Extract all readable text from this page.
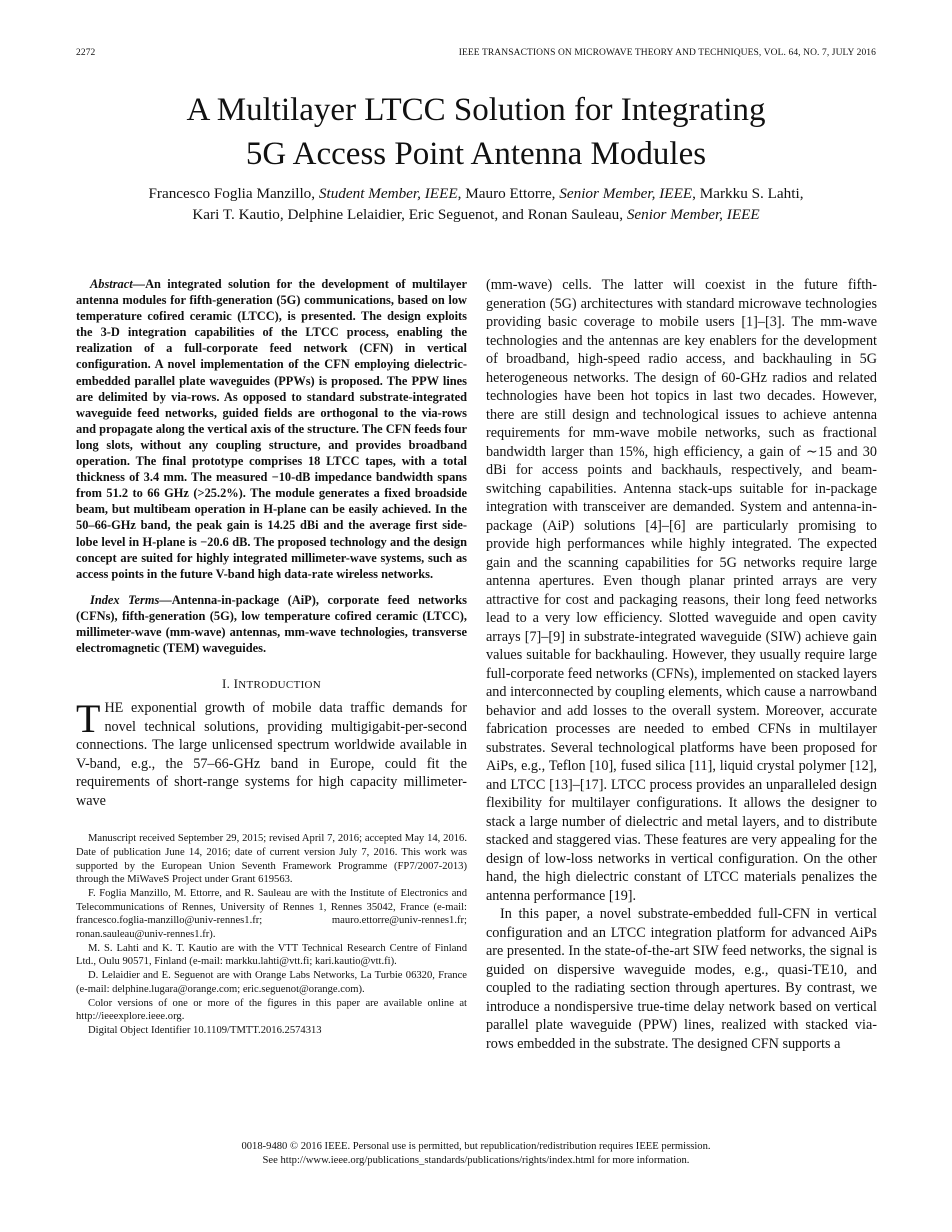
2272	IEEE TRANSACTIONS ON MICROWAVE THEORY AND TECHNIQUES, VOL. 64, NO. 7, JULY 2016
A Multilayer LTCC Solution for Integrating
5G Access Point Antenna Modules
Francesco Foglia Manzillo, Student Member, IEEE, Mauro Ettorre, Senior Member, IEEE, Markku S. Lahti,
Kari T. Kautio, Delphine Lelaidier, Eric Seguenot, and Ronan Sauleau, Senior Member, IEEE

Abstract—An integrated solution for the development of multilayer antenna modules for fifth-generation (5G) communications, based on low temperature cofired ceramic (LTCC), is presented. The design exploits the 3-D integration capabilities of the LTCC process, enabling the realization of a full-corporate feed network (CFN) in vertical configuration. A novel implementation of the CFN employing dielectric-embedded parallel plate waveguides (PPWs) is proposed. The PPW lines are delimited by via-rows. As opposed to standard substrate-integrated waveguide feed networks, guided fields are orthogonal to the via-rows and propagate along the vertical axis of the structure. The CFN feeds four long slots, without any coupling structure, and provides broadband operation. The final prototype comprises 18 LTCC tapes, with a total thickness of 3.4 mm. The measured −10-dB impedance bandwidth spans from 51.2 to 66 GHz (>25.2%). The module generates a fixed broadside beam, but multibeam operation in H-plane can be easily achieved. In the 50–66-GHz band, the peak gain is 14.25 dBi and the average first side-lobe level in H-plane is −20.6 dB. The proposed technology and the design concept are suited for highly integrated millimeter-wave systems, such as access points in the future V-band high data-rate wireless networks.

Index Terms—Antenna-in-package (AiP), corporate feed networks (CFNs), fifth-generation (5G), low temperature cofired ceramic (LTCC), millimeter-wave (mm-wave) antennas, mm-wave technologies, transverse electromagnetic (TEM) waveguides.

I. INTRODUCTION

THE exponential growth of mobile data traffic demands for novel technical solutions, providing multigigabit-per-second connections. The large unlicensed spectrum worldwide available in V-band, e.g., the 57–66-GHz band in Europe, could fit the requirements of short-range systems for high capacity millimeter-wave

Manuscript received September 29, 2015; revised April 7, 2016; accepted May 14, 2016. Date of publication June 14, 2016; date of current version July 7, 2016. This work was supported by the European Union Seventh Framework Programme (FP7/2007-2013) through the MiWaveS Project under Grant 619563.

F. Foglia Manzillo, M. Ettorre, and R. Sauleau are with the Institute of Electronics and Telecommunications of Rennes, University of Rennes 1, Rennes 35042, France (e-mail: francesco.foglia-manzillo@univ-rennes1.fr; mauro.ettorre@univ-rennes1.fr; ronan.sauleau@univ-rennes1.fr).

M. S. Lahti and K. T. Kautio are with the VTT Technical Research Centre of Finland Ltd., Oulu 90571, Finland (e-mail: markku.lahti@vtt.fi; kari.kautio@vtt.fi).

D. Lelaidier and E. Seguenot are with Orange Labs Networks, La Turbie 06320, France (e-mail: delphine.lugara@orange.com; eric.seguenot@orange.com).

Color versions of one or more of the figures in this paper are available online at http://ieeexplore.ieee.org.

Digital Object Identifier 10.1109/TMTT.2016.2574313

(mm-wave) cells. The latter will coexist in the future fifth-generation (5G) architectures with standard microwave technologies providing basic coverage to mobile users [1]–[3]. The mm-wave technologies and the antennas are key enablers for the development of broadband, high-speed radio access, and backhauling in 5G heterogeneous networks. The design of 60-GHz radios and related technologies have been hot topics in last two decades. However, there are still design and technological issues to achieve antenna requirements for mm-wave mobile networks, such as fractional bandwidth larger than 15%, high efficiency, a gain of ∼15 and 30 dBi for access points and backhauls, respectively, and beam-switching capabilities. Antenna stack-ups suitable for in-package integration with transceiver are demanded. System and antenna-in-package (AiP) solutions [4]–[6] are particularly promising to provide high performances while highly integrated. The expected gain and the scanning capabilities for 5G networks require large antenna apertures. Even though planar printed arrays are very attractive for cost and packaging reasons, their long feed networks lead to a very low efficiency. Slotted waveguide and open cavity arrays [7]–[9] in substrate-integrated waveguide (SIW) achieve gain values suitable for backhauling. However, they usually require large full-corporate feed networks (CFNs), implemented on stacked layers and interconnected by coupling elements, which cause a narrowband behavior and add losses to the overall system. Moreover, accurate fabrication processes are needed to embed CFNs in multilayer substrates. Several technological platforms have been proposed for AiPs, e.g., Teflon [10], fused silica [11], liquid crystal polymer [12], and LTCC [13]–[17]. LTCC process provides an unparalleled design flexibility for multilayer configurations. It allows the designer to stack a large number of dielectric and metal layers, and to distribute stacked and staggered vias. These features are very appealing for the design of low-loss networks in vertical configuration. On the other hand, the high dielectric constant of LTCC materials penalizes the antenna performance [19].

In this paper, a novel substrate-embedded full-CFN in vertical configuration and an LTCC integration platform for advanced AiPs are presented. In the state-of-the-art SIW feed networks, the signal is guided on dispersive waveguide modes, e.g., quasi-TE10, and coupled to the radiating section through apertures. By contrast, we introduce a nondispersive true-time delay network based on vertical parallel plate waveguide (PPW) lines, realized with stacked via-rows embedded in the substrate. The designed CFN supports a

0018-9480 © 2016 IEEE. Personal use is permitted, but republication/redistribution requires IEEE permission.
See http://www.ieee.org/publications_standards/publications/rights/index.html for more information.
